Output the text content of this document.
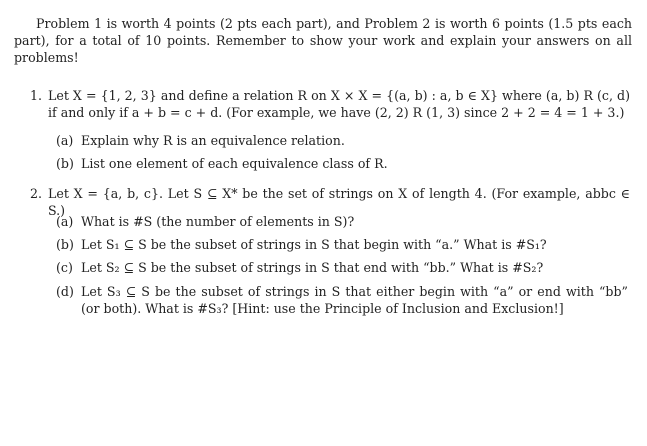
Problem 1 is worth 4 points (2 pts each part), and Problem 2 is worth 6 points (1.5 pts each part), for a total of 10 points. Remember to show your work and explain your answers on all problems!
1. Let X = {1, 2, 3} and define a relation R on X × X = {(a, b) : a, b ∈ X} where (a, b) R (c, d) if and only if a + b = c + d. (For example, we have (2, 2) R (1, 3) since 2 + 2 = 4 = 1 + 3.)
(a) Explain why R is an equivalence relation.
(b) List one element of each equivalence class of R.
2. Let X = {a, b, c}. Let S ⊆ X* be the set of strings on X of length 4. (For example, abbc ∈ S.)
(a) What is #S (the number of elements in S)?
(b) Let S₁ ⊆ S be the subset of strings in S that begin with “a.” What is #S₁?
(c) Let S₂ ⊆ S be the subset of strings in S that end with “bb.” What is #S₂?
(d) Let S₃ ⊆ S be the subset of strings in S that either begin with “a” or end with “bb” (or both). What is #S₃? [Hint: use the Principle of Inclusion and Exclusion!]
